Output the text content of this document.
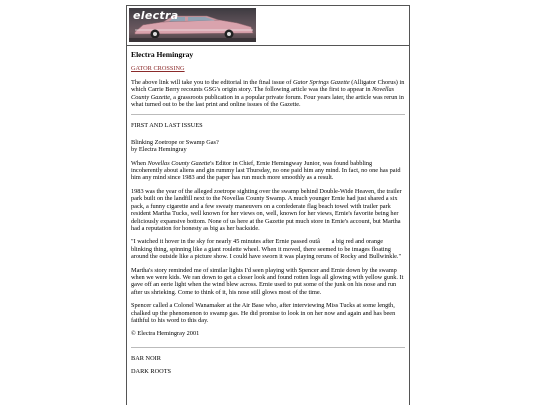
electra
Electra Hemingray

GATOR CROSSING

The above link will take you to the editorial in the final issue of Gator Springs Gazette (Alligator Chorus) in which Carrie Berry recounts GSG's origin story. The following article was the first to appear in Novellas County Gazette, a grassroots publication in a popular private forum. Four years later, the article was rerun in what turned out to be the last print and online issues of the Gazette.

FIRST AND LAST ISSUES

Blinking Zoetrope or Swamp Gas?
by Electra Hemingray

When Novellas County Gazette's Editor in Chief, Ernie Hemingway Junior, was found babbling incoherently about aliens and gin rummy last Thursday, no one paid him any mind. In fact, no one has paid him any mind since 1983 and the paper has run much more smoothly as a result.

1983 was the year of the alleged zoetrope sighting over the swamp behind Double-Wide Heaven, the trailer park built on the landfill next to the Novellas County Swamp. A much younger Ernie had just shared a six pack, a funny cigarette and a few sweaty maneuvers on a confederate flag beach towel with trailer park resident Martha Tucks, well known for her views on, well, known for her views, Ernie's favorite being her deliciously expansive bottom. None of us here at the Gazette put much store in Ernie's account, but Martha had a reputation for honesty as big as her backside.

"I watched it hover in the sky for nearly 45 minutes after Ernie passed outâ a big red and orange blinking thing, spinning like a giant roulette wheel. When it moved, there seemed to be images floating around the outside like a picture show. I could have sworn it was playing reruns of Rocky and Bullwinkle."

Martha's story reminded me of similar lights I'd seen playing with Spencer and Ernie down by the swamp when we were kids. We ran down to get a closer look and found rotten logs all glowing with yellow gunk. It gave off an eerie light when the wind blew across. Ernie used to put some of the junk on his nose and run after us shrieking. Come to think of it, his nose still glows most of the time.

Spencer called a Colonel Wanamaker at the Air Base who, after interviewing Miss Tucks at some length, chalked up the phenomenon to swamp gas. He did promise to look in on her now and again and has been faithful to his word to this day.

© Electra Hemingray 2001

BAR NOIR
DARK ROOTS
